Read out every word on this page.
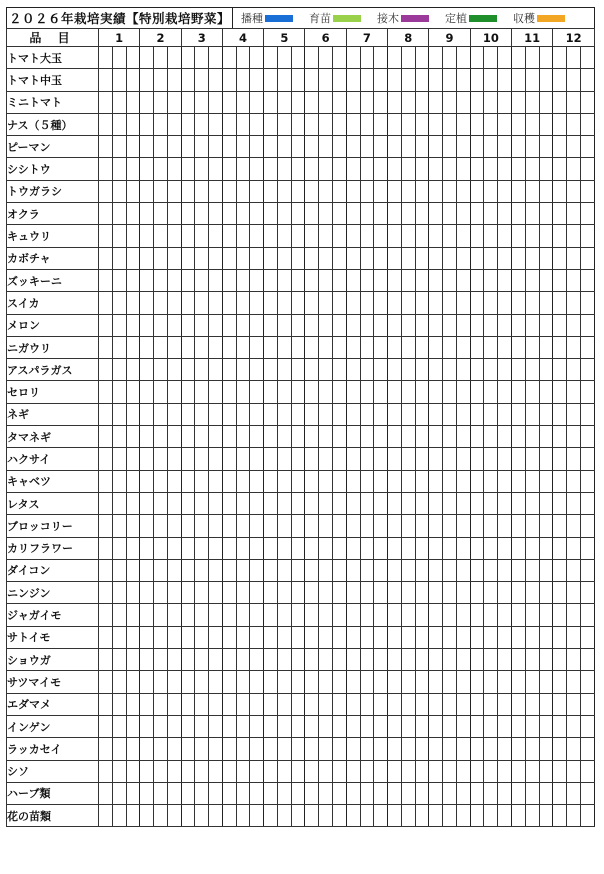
２０２６年栽培実績【特別栽培野菜】 播種	育苗	接木	定植	収穫
品 目	1			2			3			4			5			6			7			8			9			10			11			12		
トマト大玉																																				
トマト中玉																																				
ミニトマト																																				
ナス（５種）																																				
ピーマン																																				
シシトウ																																				
トウガラシ																																				
オクラ																																				
キュウリ																																				
カボチャ																																				
ズッキーニ																																				
スイカ																																				
メロン																																				
ニガウリ																																				
アスパラガス																																				
セロリ																																				
ネギ																																				
タマネギ																																				
ハクサイ																																				
キャベツ																																				
レタス																																				
ブロッコリー																																				
カリフラワー																																				
ダイコン																																				
ニンジン																																				
ジャガイモ																																				
サトイモ																																				
ショウガ																																				
サツマイモ																																				
エダマメ																																				
インゲン																																				
ラッカセイ																																				
シソ																																				
ハーブ類																																				
花の苗類																																				
